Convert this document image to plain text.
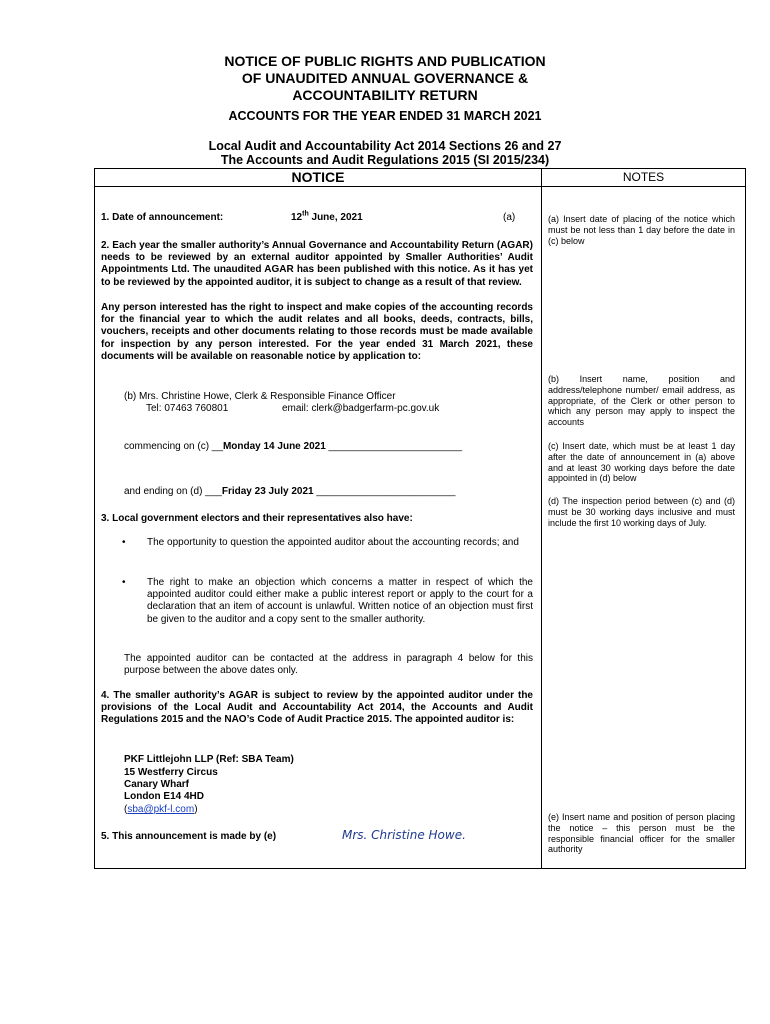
NOTICE OF PUBLIC RIGHTS AND PUBLICATION
OF UNAUDITED ANNUAL GOVERNANCE &
ACCOUNTABILITY RETURN
ACCOUNTS FOR THE YEAR ENDED 31 MARCH 2021
Local Audit and Accountability Act 2014 Sections 26 and 27
The Accounts and Audit Regulations 2015 (SI 2015/234)
NOTICE	NOTES
1. Date of announcement:	12th June, 2021	(a)
2. Each year the smaller authority’s Annual Governance and Accountability Return (AGAR) needs to be reviewed by an external auditor appointed by Smaller Authorities’ Audit Appointments Ltd. The unaudited AGAR has been published with this notice. As it has yet to be reviewed by the appointed auditor, it is subject to change as a result of that review.
Any person interested has the right to inspect and make copies of the accounting records for the financial year to which the audit relates and all books, deeds, contracts, bills, vouchers, receipts and other documents relating to those records must be made available for inspection by any person interested. For the year ended 31 March 2021, these documents will be available on reasonable notice by application to:
(b) Mrs. Christine Howe, Clerk & Responsible Finance Officer
Tel: 07463 760801	email: clerk@badgerfarm-pc.gov.uk
commencing on (c) __Monday 14 June 2021 ________________________
and ending on (d) ___Friday 23 July 2021 _________________________
3. Local government electors and their representatives also have:
• The opportunity to question the appointed auditor about the accounting records; and
• The right to make an objection which concerns a matter in respect of which the appointed auditor could either make a public interest report or apply to the court for a declaration that an item of account is unlawful. Written notice of an objection must first be given to the auditor and a copy sent to the smaller authority.
The appointed auditor can be contacted at the address in paragraph 4 below for this purpose between the above dates only.
4. The smaller authority’s AGAR is subject to review by the appointed auditor under the provisions of the Local Audit and Accountability Act 2014, the Accounts and Audit Regulations 2015 and the NAO’s Code of Audit Practice 2015. The appointed auditor is:
PKF Littlejohn LLP (Ref: SBA Team)
15 Westferry Circus
Canary Wharf
London E14 4HD
(sba@pkf-l.com)
5. This announcement is made by (e)	Mrs. Christine Howe.
(a) Insert date of placing of the notice which must be not less than 1 day before the date in (c) below
(b) Insert name, position and address/telephone number/ email address, as appropriate, of the Clerk or other person to which any person may apply to inspect the accounts
(c) Insert date, which must be at least 1 day after the date of announcement in (a) above and at least 30 working days before the date appointed in (d) below
(d) The inspection period between (c) and (d) must be 30 working days inclusive and must include the first 10 working days of July.
(e) Insert name and position of person placing the notice – this person must be the responsible financial officer for the smaller authority
